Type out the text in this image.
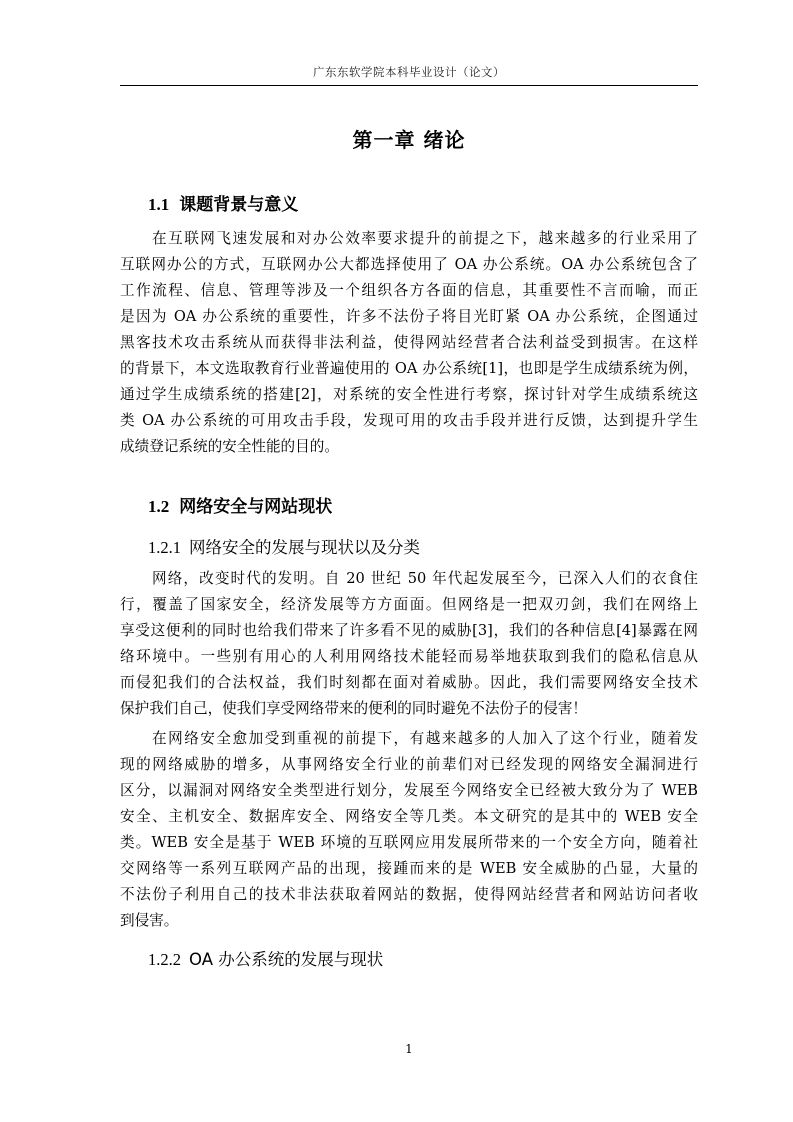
广东东软学院本科毕业设计（论文）
第一章 绪论
1.1 课题背景与意义
在互联网飞速发展和对办公效率要求提升的前提之下，越来越多的行业采用了
互联网办公的方式，互联网办公大都选择使用了 OA 办公系统。OA 办公系统包含了
工作流程、信息、管理等涉及一个组织各方各面的信息，其重要性不言而喻，而正
是因为 OA 办公系统的重要性，许多不法份子将目光盯紧 OA 办公系统，企图通过
黑客技术攻击系统从而获得非法利益，使得网站经营者合法利益受到损害。在这样
的背景下，本文选取教育行业普遍使用的 OA 办公系统[1]，也即是学生成绩系统为例，
通过学生成绩系统的搭建[2]，对系统的安全性进行考察，探讨针对学生成绩系统这
类 OA 办公系统的可用攻击手段，发现可用的攻击手段并进行反馈，达到提升学生
成绩登记系统的安全性能的目的。
1.2 网络安全与网站现状
1.2.1 网络安全的发展与现状以及分类
网络，改变时代的发明。自 20 世纪 50 年代起发展至今，已深入人们的衣食住
行，覆盖了国家安全，经济发展等方方面面。但网络是一把双刃剑，我们在网络上
享受这便利的同时也给我们带来了许多看不见的威胁[3]，我们的各种信息[4]暴露在网
络环境中。一些别有用心的人利用网络技术能轻而易举地获取到我们的隐私信息从
而侵犯我们的合法权益，我们时刻都在面对着威胁。因此，我们需要网络安全技术
保护我们自己，使我们享受网络带来的便利的同时避免不法份子的侵害！
在网络安全愈加受到重视的前提下，有越来越多的人加入了这个行业，随着发
现的网络威胁的增多，从事网络安全行业的前辈们对已经发现的网络安全漏洞进行
区分，以漏洞对网络安全类型进行划分，发展至今网络安全已经被大致分为了 WEB
安全、主机安全、数据库安全、网络安全等几类。本文研究的是其中的 WEB 安全
类。WEB 安全是基于 WEB 环境的互联网应用发展所带来的一个安全方向，随着社
交网络等一系列互联网产品的出现，接踵而来的是 WEB 安全威胁的凸显，大量的
不法份子利用自己的技术非法获取着网站的数据，使得网站经营者和网站访问者收
到侵害。
1.2.2 OA 办公系统的发展与现状
1
